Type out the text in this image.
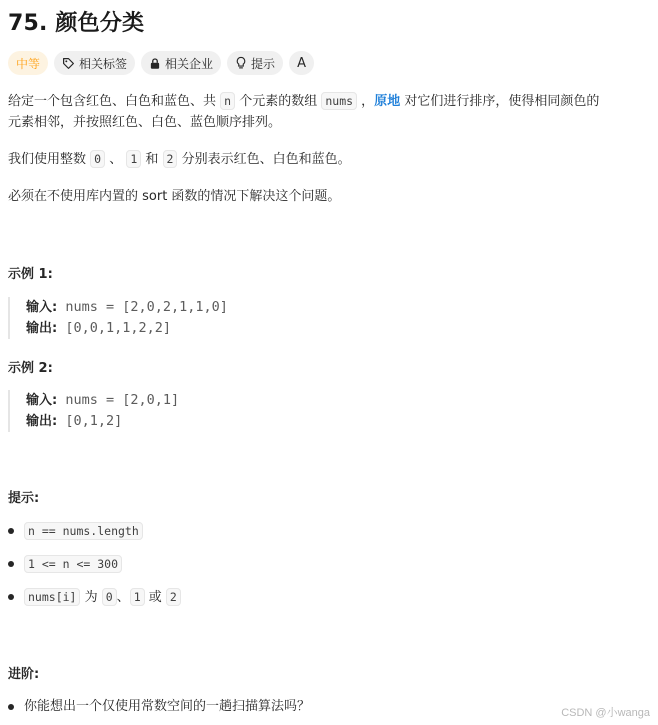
75. 颜色分类
中等	相关标签	相关企业	提示 A

给定一个包含红色、白色和蓝色、共 n 个元素的数组 nums ，原地 对它们进行排序，使得相同颜色的
元素相邻，并按照红色、白色、蓝色顺序排列。

我们使用整数 0 、 1 和 2 分别表示红色、白色和蓝色。

必须在不使用库内置的 sort 函数的情况下解决这个问题。

示例 1:
输入: nums = [2,0,2,1,1,0]
输出: [0,0,1,1,2,2]
示例 2:
输入: nums = [2,0,1]
输出: [0,1,2]
提示:
n == nums.length
1 <= n <= 300
nums[i] 为 0 、 1 或 2
进阶:
你能想出一个仅使用常数空间的一趟扫描算法吗？	CSDN @小wanga
